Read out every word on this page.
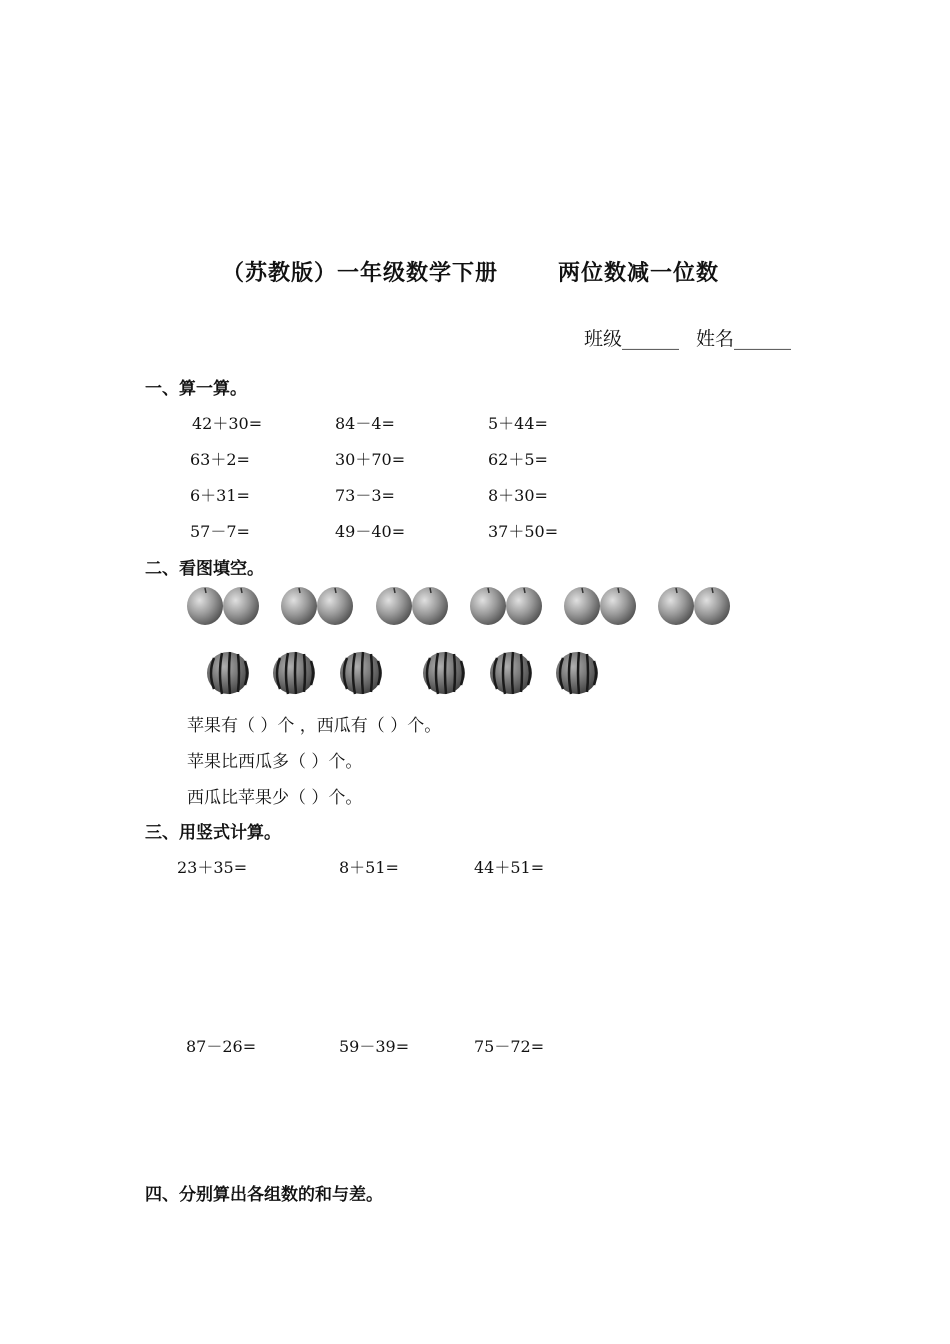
（苏教版）一年级数学下册	两位数减一位数
班级______ 姓名______
一、算一算。
42＋30=	84－4=	5＋44=
63＋2=	30＋70=	62＋5=
6＋31=	73－3=	8＋30=
57－7=	49－40=	37＋50=
二、看图填空。
苹果有（ ）个 ，西瓜有（ ）个。
苹果比西瓜多（ ）个。
西瓜比苹果少（ ）个。
三、用竖式计算。
23＋35=	8＋51=	44＋51=
87－26=	59－39=	75－72=
四、分别算出各组数的和与差。
